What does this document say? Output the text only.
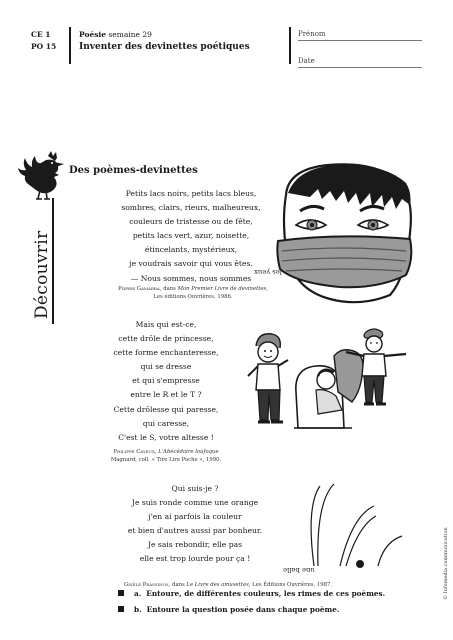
CE 1
PO 15
Poésie semaine 29
Inventer des devinettes poétiques
Prénom
Date
Découvrir
Des poèmes-devinettes
Petits lacs noirs, petits lacs bleus,
sombres, clairs, rieurs, malheureux,
couleurs de tristesse ou de fête,
petits lacs vert, azur, noisette,
étincelants, mystérieux,
je voudrais savoir qui vous êtes.
— Nous sommes, nous sommes
les yeux
Pierre Gamarra, dans Mon Premier Livre de devinettes,
Les éditions Ouvrières, 1986.
Mais qui est-ce,
cette drôle de princesse,
cette forme enchanteresse,
qui se dresse
et qui s'empresse
entre le R et le T ?
Cette drôlesse qui paresse,
qui caresse,
C'est le S, votre altesse !
Philippe Cayeux, L'Abécédaire loufoque
Magnard, coll. « Tire Lire Poche », 1990.
Qui suis-je ?
Je suis ronde comme une orange
j'en ai parfois la couleur
et bien d'autres aussi par bonheur.
Je sais rebondir, elle pas
elle est trop lourde pour ça !
une balle
Gisèle Prassinos, dans Le Livre des amusettes, Les Éditions Ouvrières, 1987.
a. Entoure, de différentes couleurs, les rimes de ces poèmes.
b. Entoure la question posée dans chaque poème.
© Infomedia communication
